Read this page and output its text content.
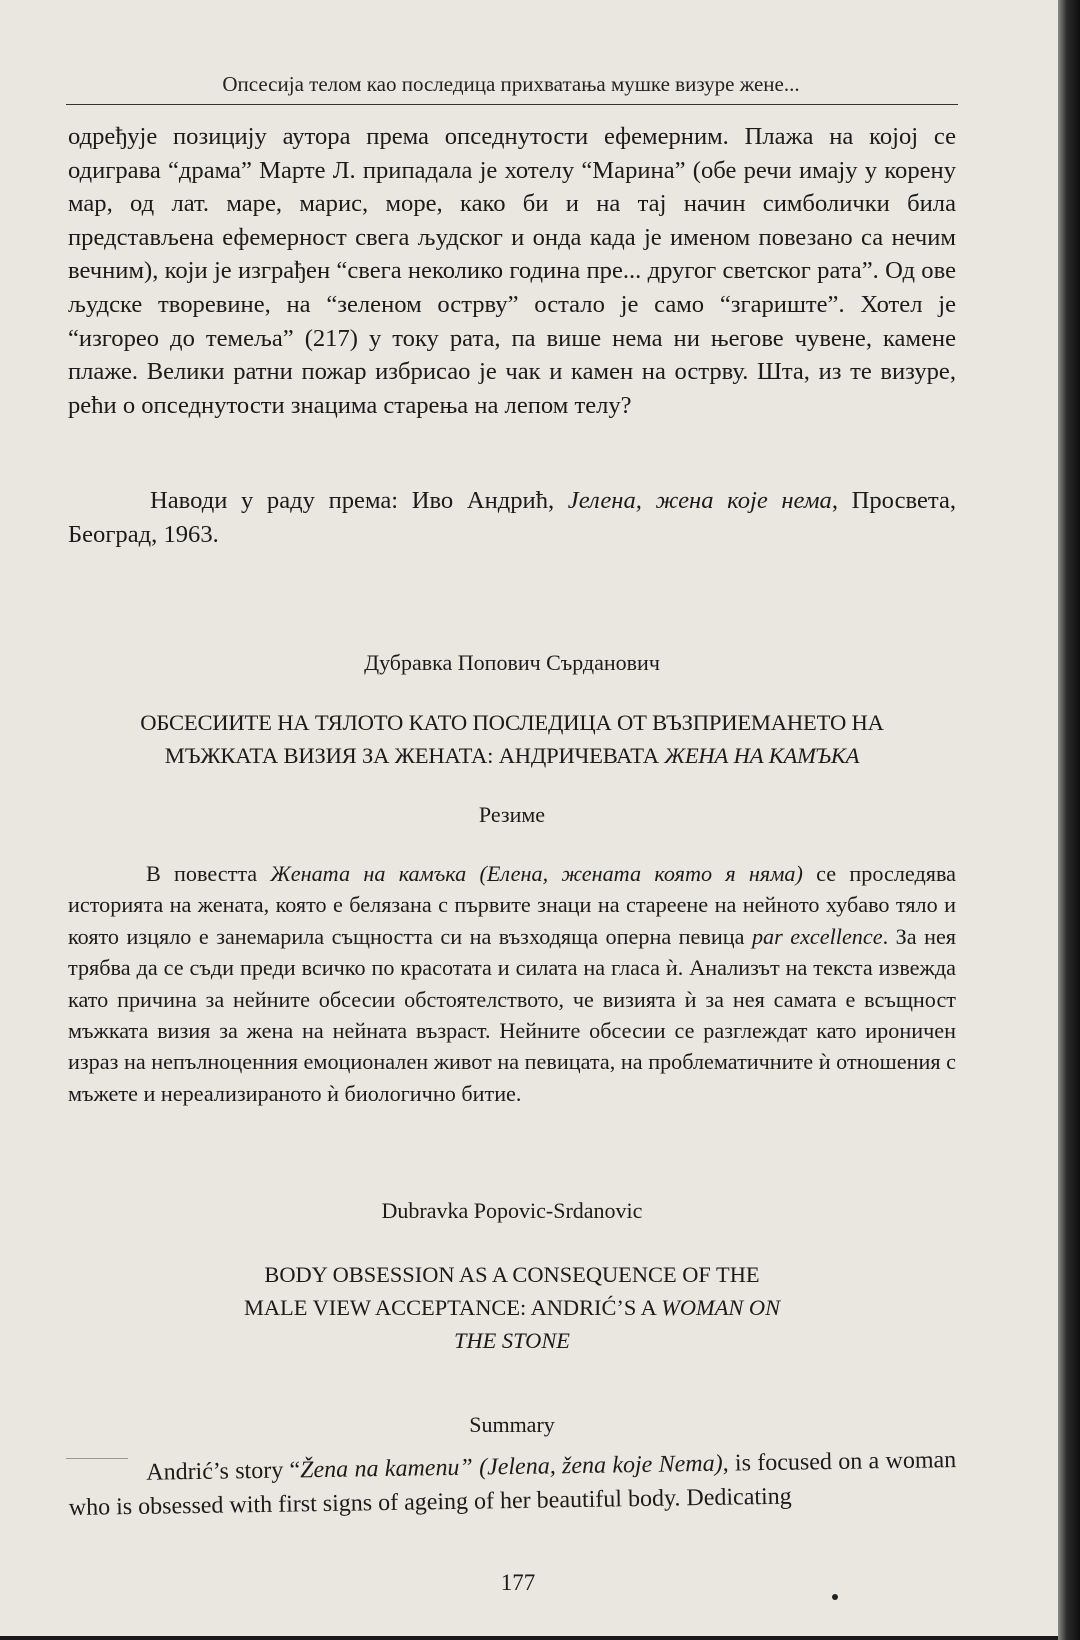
Опсесија телом као последица прихватања мушке визуре жене...

одређује позицију аутора према опседнутости ефемерним. Плажа на којој се одиграва “драма” Марте Л. припадала је хотелу “Марина” (обе речи имају у корену мар, од лат. маре, марис, море, како би и на тај начин симболички била представљена ефемерност свега људског и онда када је именом повезано са нечим вечним), који је изграђен “свега неколико година пре... другог светског рата”. Од ове људске творевине, на “зеленом острву” остало је само “згариште”. Хотел је “изгорео до темеља” (217) у току рата, па више нема ни његове чувене, камене плаже. Велики ратни пожар избрисао је чак и камен на острву. Шта, из те визуре, рећи о опседнутости знацима старења на лепом телу?

Наводи у раду према: Иво Андрић, Јелена, жена које нема, Просвета, Београд, 1963.

Дубравка Попович Сърданович
ОБСЕСИИТЕ НА ТЯЛОТО КАТО ПОСЛЕДИЦА ОТ ВЪЗПРИЕМАНЕТО НА
МЪЖКАТА ВИЗИЯ ЗА ЖЕНАТА: АНДРИЧЕВАТА ЖЕНА НА КАМЪКА
Резиме

В повестта Жената на камъка (Елена, жената която я няма) се проследява историята на жената, която е белязана с първите знаци на стареене на нейното хубаво тяло и която изцяло е занемарила същността си на възходяща оперна певица par excellence. За нея трябва да се съди преди всичко по красотата и силата на гласа ѝ. Анализът на текста извежда като причина за нейните обсесии обстоятелството, че визията ѝ за нея самата е всъщност мъжката визия за жена на нейната възраст. Нейните обсесии се разглеждат като ироничен израз на непълноценния емоционален живот на певицата, на проблематичните ѝ отношения с мъжете и нереализираното ѝ биологично битие.

Dubravka Popovic-Srdanovic
BODY OBSESSION AS A CONSEQUENCE OF THE
MALE VIEW ACCEPTANCE: ANDRIĆ’S A WOMAN ON
THE STONE
Summary

Andrić’s story “Žena na kamenu” (Jelena, žena koje Nema), is focused on a woman who is obsessed with first signs of ageing of her beautiful body. Dedicating

177
